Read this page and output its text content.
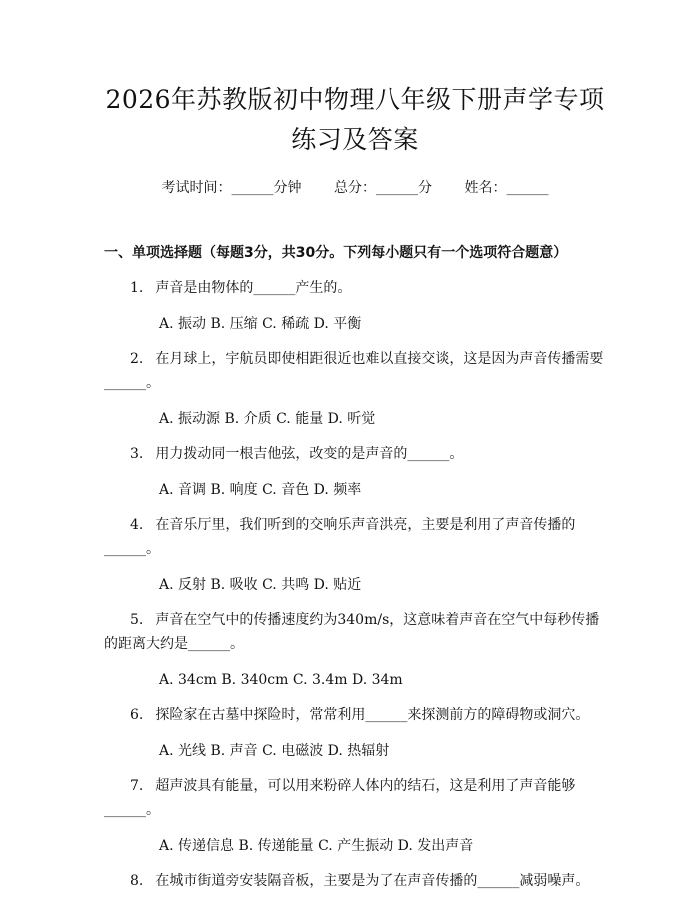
2026年苏教版初中物理八年级下册声学专项
练习及答案
考试时间：______分钟 总分：______分 姓名：______
一、单项选择题（每题3分，共30分。下列每小题只有一个选项符合题意）

1. 声音是由物体的______产生的。

A. 振动 B. 压缩 C. 稀疏 D. 平衡

2. 在月球上，宇航员即使相距很近也难以直接交谈，这是因为声音传播需要______。

A. 振动源 B. 介质 C. 能量 D. 听觉

3. 用力拨动同一根吉他弦，改变的是声音的______。

A. 音调 B. 响度 C. 音色 D. 频率

4. 在音乐厅里，我们听到的交响乐声音洪亮，主要是利用了声音传播的______。

A. 反射 B. 吸收 C. 共鸣 D. 贴近

5. 声音在空气中的传播速度约为340m/s，这意味着声音在空气中每秒传播的距离大约是______。

A. 34cm B. 340cm C. 3.4m D. 34m

6. 探险家在古墓中探险时，常常利用______来探测前方的障碍物或洞穴。

A. 光线 B. 声音 C. 电磁波 D. 热辐射

7. 超声波具有能量，可以用来粉碎人体内的结石，这是利用了声音能够______。

A. 传递信息 B. 传递能量 C. 产生振动 D. 发出声音

8. 在城市街道旁安装隔音板，主要是为了在声音传播的______减弱噪声。
